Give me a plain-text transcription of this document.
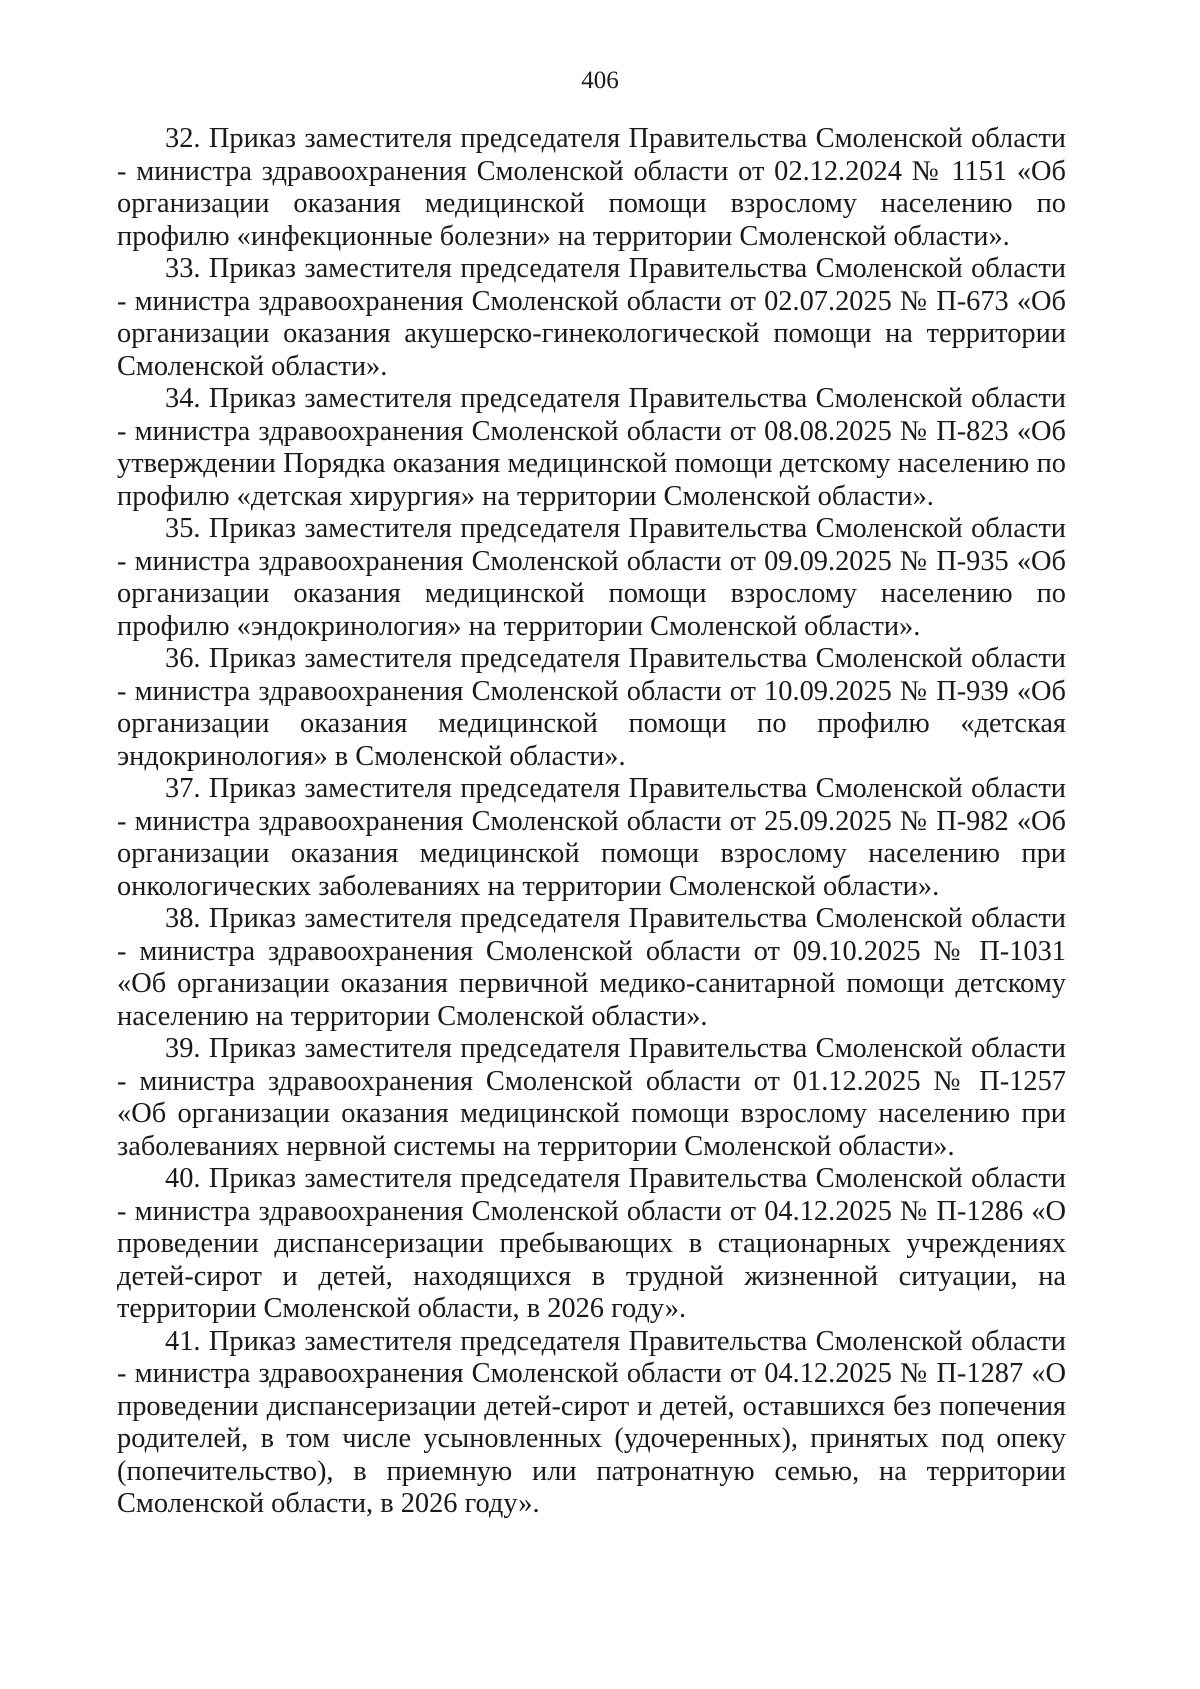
406

32. Приказ заместителя председателя Правительства Смоленской области - министра здравоохранения Смоленской области от 02.12.2024 № 1151 «Об организации оказания медицинской помощи взрослому населению по профилю «инфекционные болезни» на территории Смоленской области».

33. Приказ заместителя председателя Правительства Смоленской области - министра здравоохранения Смоленской области от 02.07.2025 № П-673 «Об организации оказания акушерско-гинекологической помощи на территории Смоленской области».

34. Приказ заместителя председателя Правительства Смоленской области - министра здравоохранения Смоленской области от 08.08.2025 № П-823 «Об утверждении Порядка оказания медицинской помощи детскому населению по профилю «детская хирургия» на территории Смоленской области».

35. Приказ заместителя председателя Правительства Смоленской области - министра здравоохранения Смоленской области от 09.09.2025 № П-935 «Об организации оказания медицинской помощи взрослому населению по профилю «эндокринология» на территории Смоленской области».

36. Приказ заместителя председателя Правительства Смоленской области - министра здравоохранения Смоленской области от 10.09.2025 № П-939 «Об организации оказания медицинской помощи по профилю «детская эндокринология» в Смоленской области».

37. Приказ заместителя председателя Правительства Смоленской области - министра здравоохранения Смоленской области от 25.09.2025 № П-982 «Об организации оказания медицинской помощи взрослому населению при онкологических заболеваниях на территории Смоленской области».

38. Приказ заместителя председателя Правительства Смоленской области - министра здравоохранения Смоленской области от 09.10.2025 № П-1031 «Об организации оказания первичной медико-санитарной помощи детскому населению на территории Смоленской области».

39. Приказ заместителя председателя Правительства Смоленской области - министра здравоохранения Смоленской области от 01.12.2025 № П-1257 «Об организации оказания медицинской помощи взрослому населению при заболеваниях нервной системы на территории Смоленской области».

40. Приказ заместителя председателя Правительства Смоленской области - министра здравоохранения Смоленской области от 04.12.2025 № П-1286 «О проведении диспансеризации пребывающих в стационарных учреждениях детей-сирот и детей, находящихся в трудной жизненной ситуации, на территории Смоленской области, в 2026 году».

41. Приказ заместителя председателя Правительства Смоленской области - министра здравоохранения Смоленской области от 04.12.2025 № П-1287 «О проведении диспансеризации детей-сирот и детей, оставшихся без попечения родителей, в том числе усыновленных (удочеренных), принятых под опеку (попечительство), в приемную или патронатную семью, на территории Смоленской области, в 2026 году».
